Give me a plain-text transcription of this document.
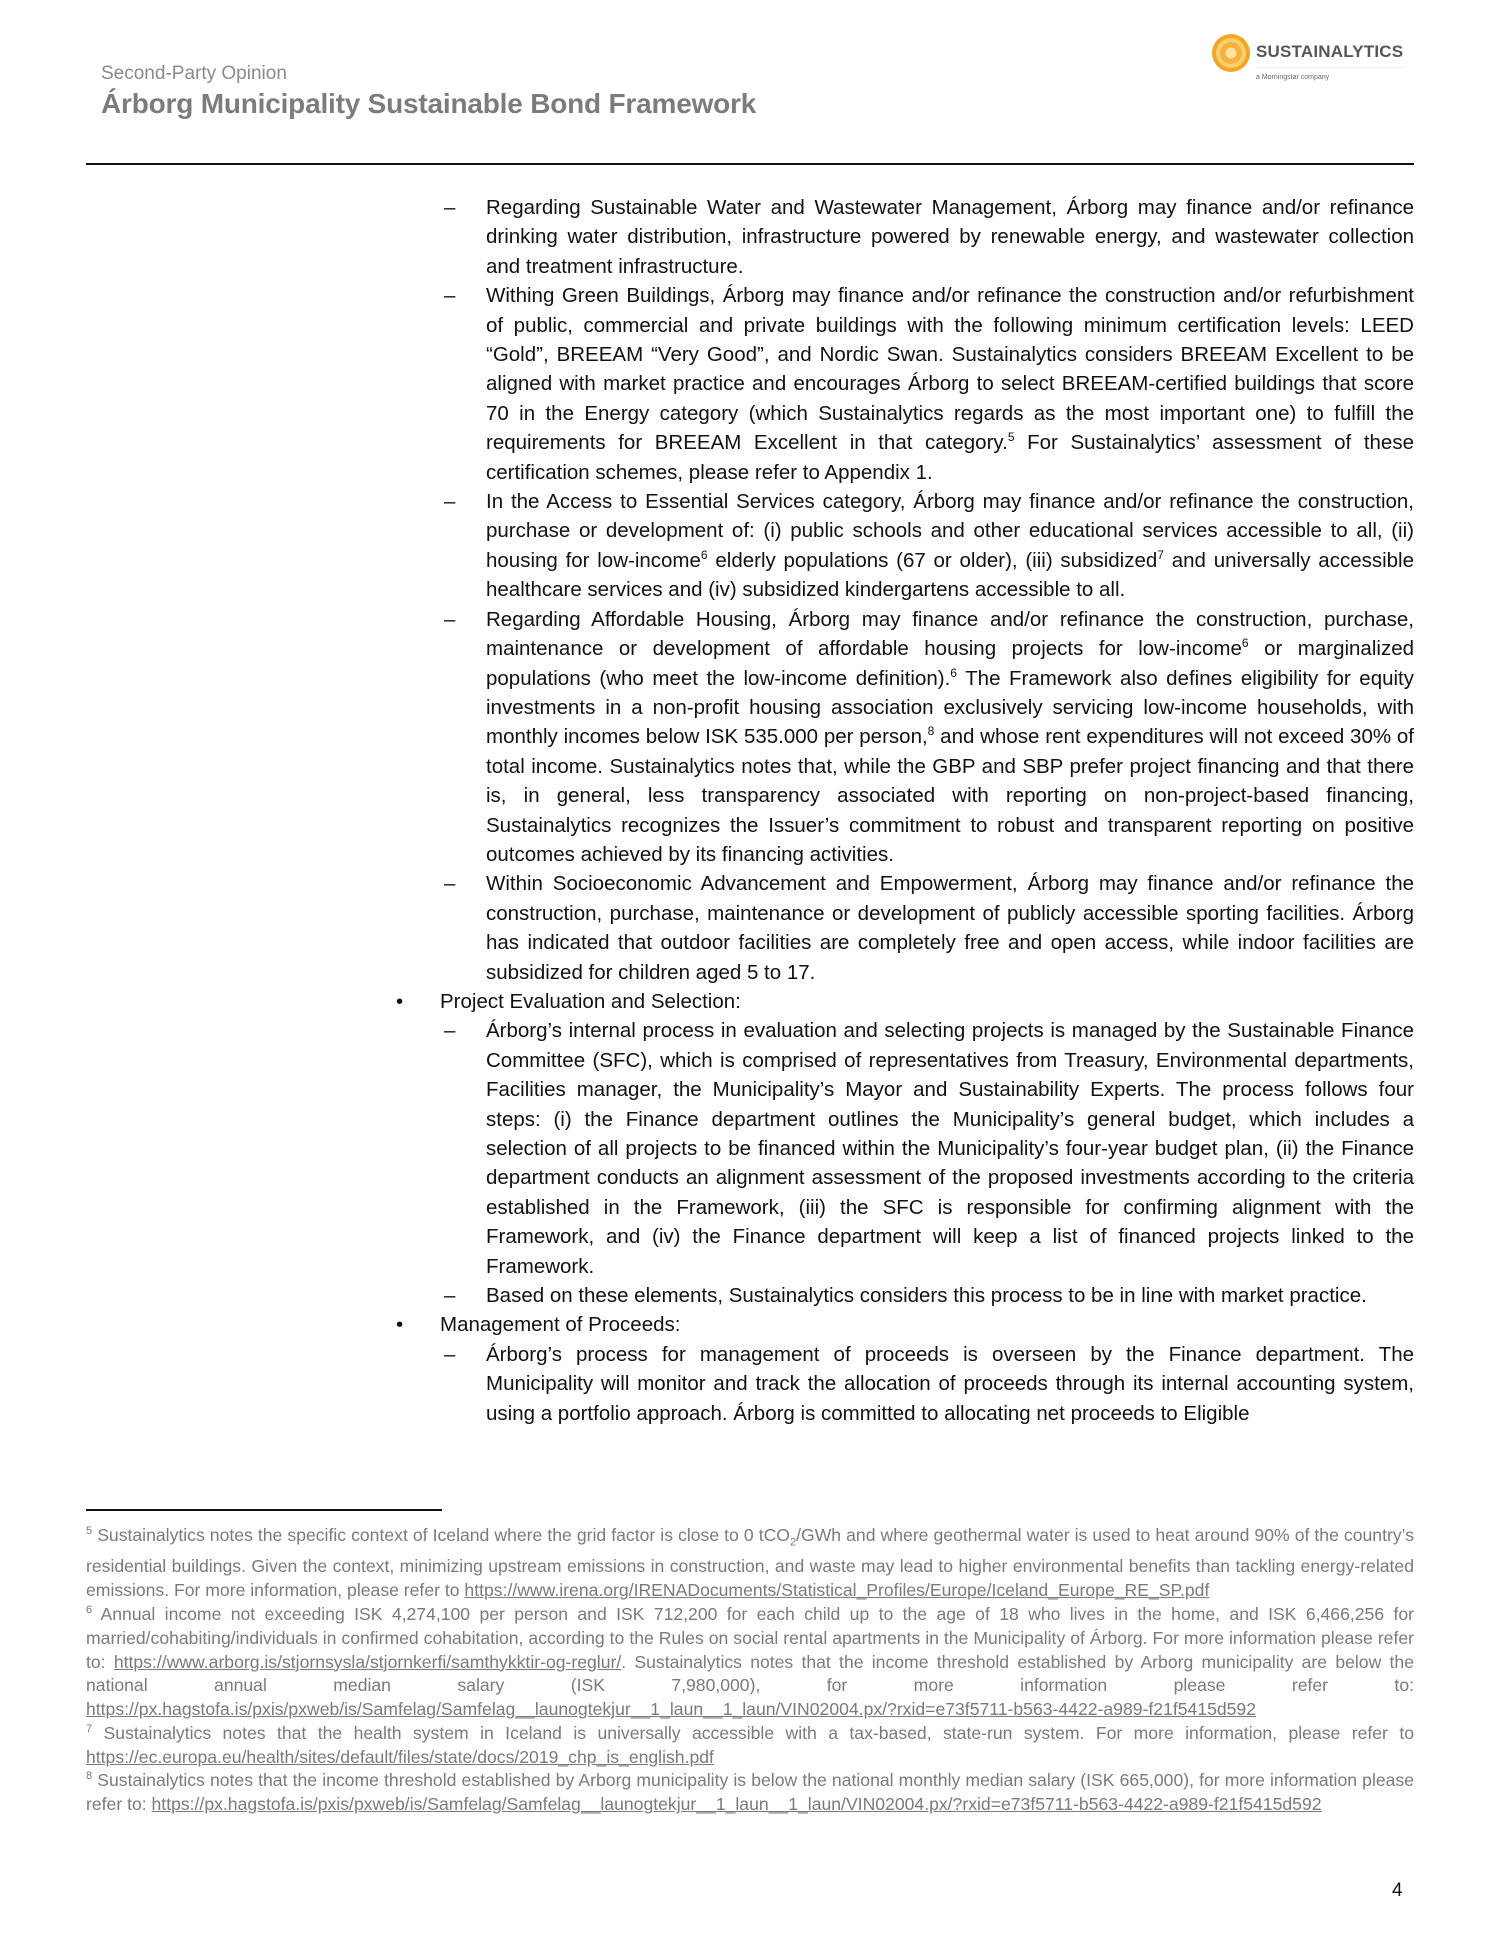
Second-Party Opinion
Árborg Municipality Sustainable Bond Framework
SUSTAINALYTICS
a Morningstar company
– Regarding Sustainable Water and Wastewater Management, Árborg may finance and/or refinance drinking water distribution, infrastructure powered by renewable energy, and wastewater collection and treatment infrastructure.
– Withing Green Buildings, Árborg may finance and/or refinance the construction and/or refurbishment of public, commercial and private buildings with the following minimum certification levels: LEED “Gold”, BREEAM “Very Good”, and Nordic Swan. Sustainalytics considers BREEAM Excellent to be aligned with market practice and encourages Árborg to select BREEAM-certified buildings that score 70 in the Energy category (which Sustainalytics regards as the most important one) to fulfill the requirements for BREEAM Excellent in that category.$^5$ For Sustainalytics’ assessment of these certification schemes, please refer to Appendix 1.
– In the Access to Essential Services category, Árborg may finance and/or refinance the construction, purchase or development of: (i) public schools and other educational services accessible to all, (ii) housing for low-income$^6$ elderly populations (67 or older), (iii) subsidized$^7$ and universally accessible healthcare services and (iv) subsidized kindergartens accessible to all.
– Regarding Affordable Housing, Árborg may finance and/or refinance the construction, purchase, maintenance or development of affordable housing projects for low-income$^6$ or marginalized populations (who meet the low-income definition).$^6$ The Framework also defines eligibility for equity investments in a non-profit housing association exclusively servicing low-income households, with monthly incomes below ISK 535.000 per person,$^8$ and whose rent expenditures will not exceed 30% of total income. Sustainalytics notes that, while the GBP and SBP prefer project financing and that there is, in general, less transparency associated with reporting on non-project-based financing, Sustainalytics recognizes the Issuer’s commitment to robust and transparent reporting on positive outcomes achieved by its financing activities.
– Within Socioeconomic Advancement and Empowerment, Árborg may finance and/or refinance the construction, purchase, maintenance or development of publicly accessible sporting facilities. Árborg has indicated that outdoor facilities are completely free and open access, while indoor facilities are subsidized for children aged 5 to 17.
• Project Evaluation and Selection:
– Árborg’s internal process in evaluation and selecting projects is managed by the Sustainable Finance Committee (SFC), which is comprised of representatives from Treasury, Environmental departments, Facilities manager, the Municipality’s Mayor and Sustainability Experts. The process follows four steps: (i) the Finance department outlines the Municipality’s general budget, which includes a selection of all projects to be financed within the Municipality’s four-year budget plan, (ii) the Finance department conducts an alignment assessment of the proposed investments according to the criteria established in the Framework, (iii) the SFC is responsible for confirming alignment with the Framework, and (iv) the Finance department will keep a list of financed projects linked to the Framework.
– Based on these elements, Sustainalytics considers this process to be in line with market practice.
• Management of Proceeds:
– Árborg’s process for management of proceeds is overseen by the Finance department. The Municipality will monitor and track the allocation of proceeds through its internal accounting system, using a portfolio approach. Árborg is committed to allocating net proceeds to Eligible

$^5$ Sustainalytics notes the specific context of Iceland where the grid factor is close to 0 tCO$_2$/GWh and where geothermal water is used to heat around 90% of the country’s residential buildings. Given the context, minimizing upstream emissions in construction, and waste may lead to higher environmental benefits than tackling energy-related emissions. For more information, please refer to https://www.irena.org/IRENADocuments/Statistical_Profiles/Europe/Iceland_Europe_RE_SP.pdf

$^6$ Annual income not exceeding ISK 4,274,100 per person and ISK 712,200 for each child up to the age of 18 who lives in the home, and ISK 6,466,256 for married/cohabiting/individuals in confirmed cohabitation, according to the Rules on social rental apartments in the Municipality of Árborg. For more information please refer to: https://www.arborg.is/stjornsysla/stjornkerfi/samthykktir-og-reglur/. Sustainalytics notes that the income threshold established by Arborg municipality are below the national annual median salary (ISK 7,980,000), for more information please refer to: https://px.hagstofa.is/pxis/pxweb/is/Samfelag/Samfelag__launogtekjur__1_laun__1_laun/VIN02004.px/?rxid=e73f5711-b563-4422-a989-f21f5415d592

$^7$ Sustainalytics notes that the health system in Iceland is universally accessible with a tax-based, state-run system. For more information, please refer to https://ec.europa.eu/health/sites/default/files/state/docs/2019_chp_is_english.pdf

$^8$ Sustainalytics notes that the income threshold established by Arborg municipality is below the national monthly median salary (ISK 665,000), for more information please refer to: https://px.hagstofa.is/pxis/pxweb/is/Samfelag/Samfelag__launogtekjur__1_laun__1_laun/VIN02004.px/?rxid=e73f5711-b563-4422-a989-f21f5415d592

4
